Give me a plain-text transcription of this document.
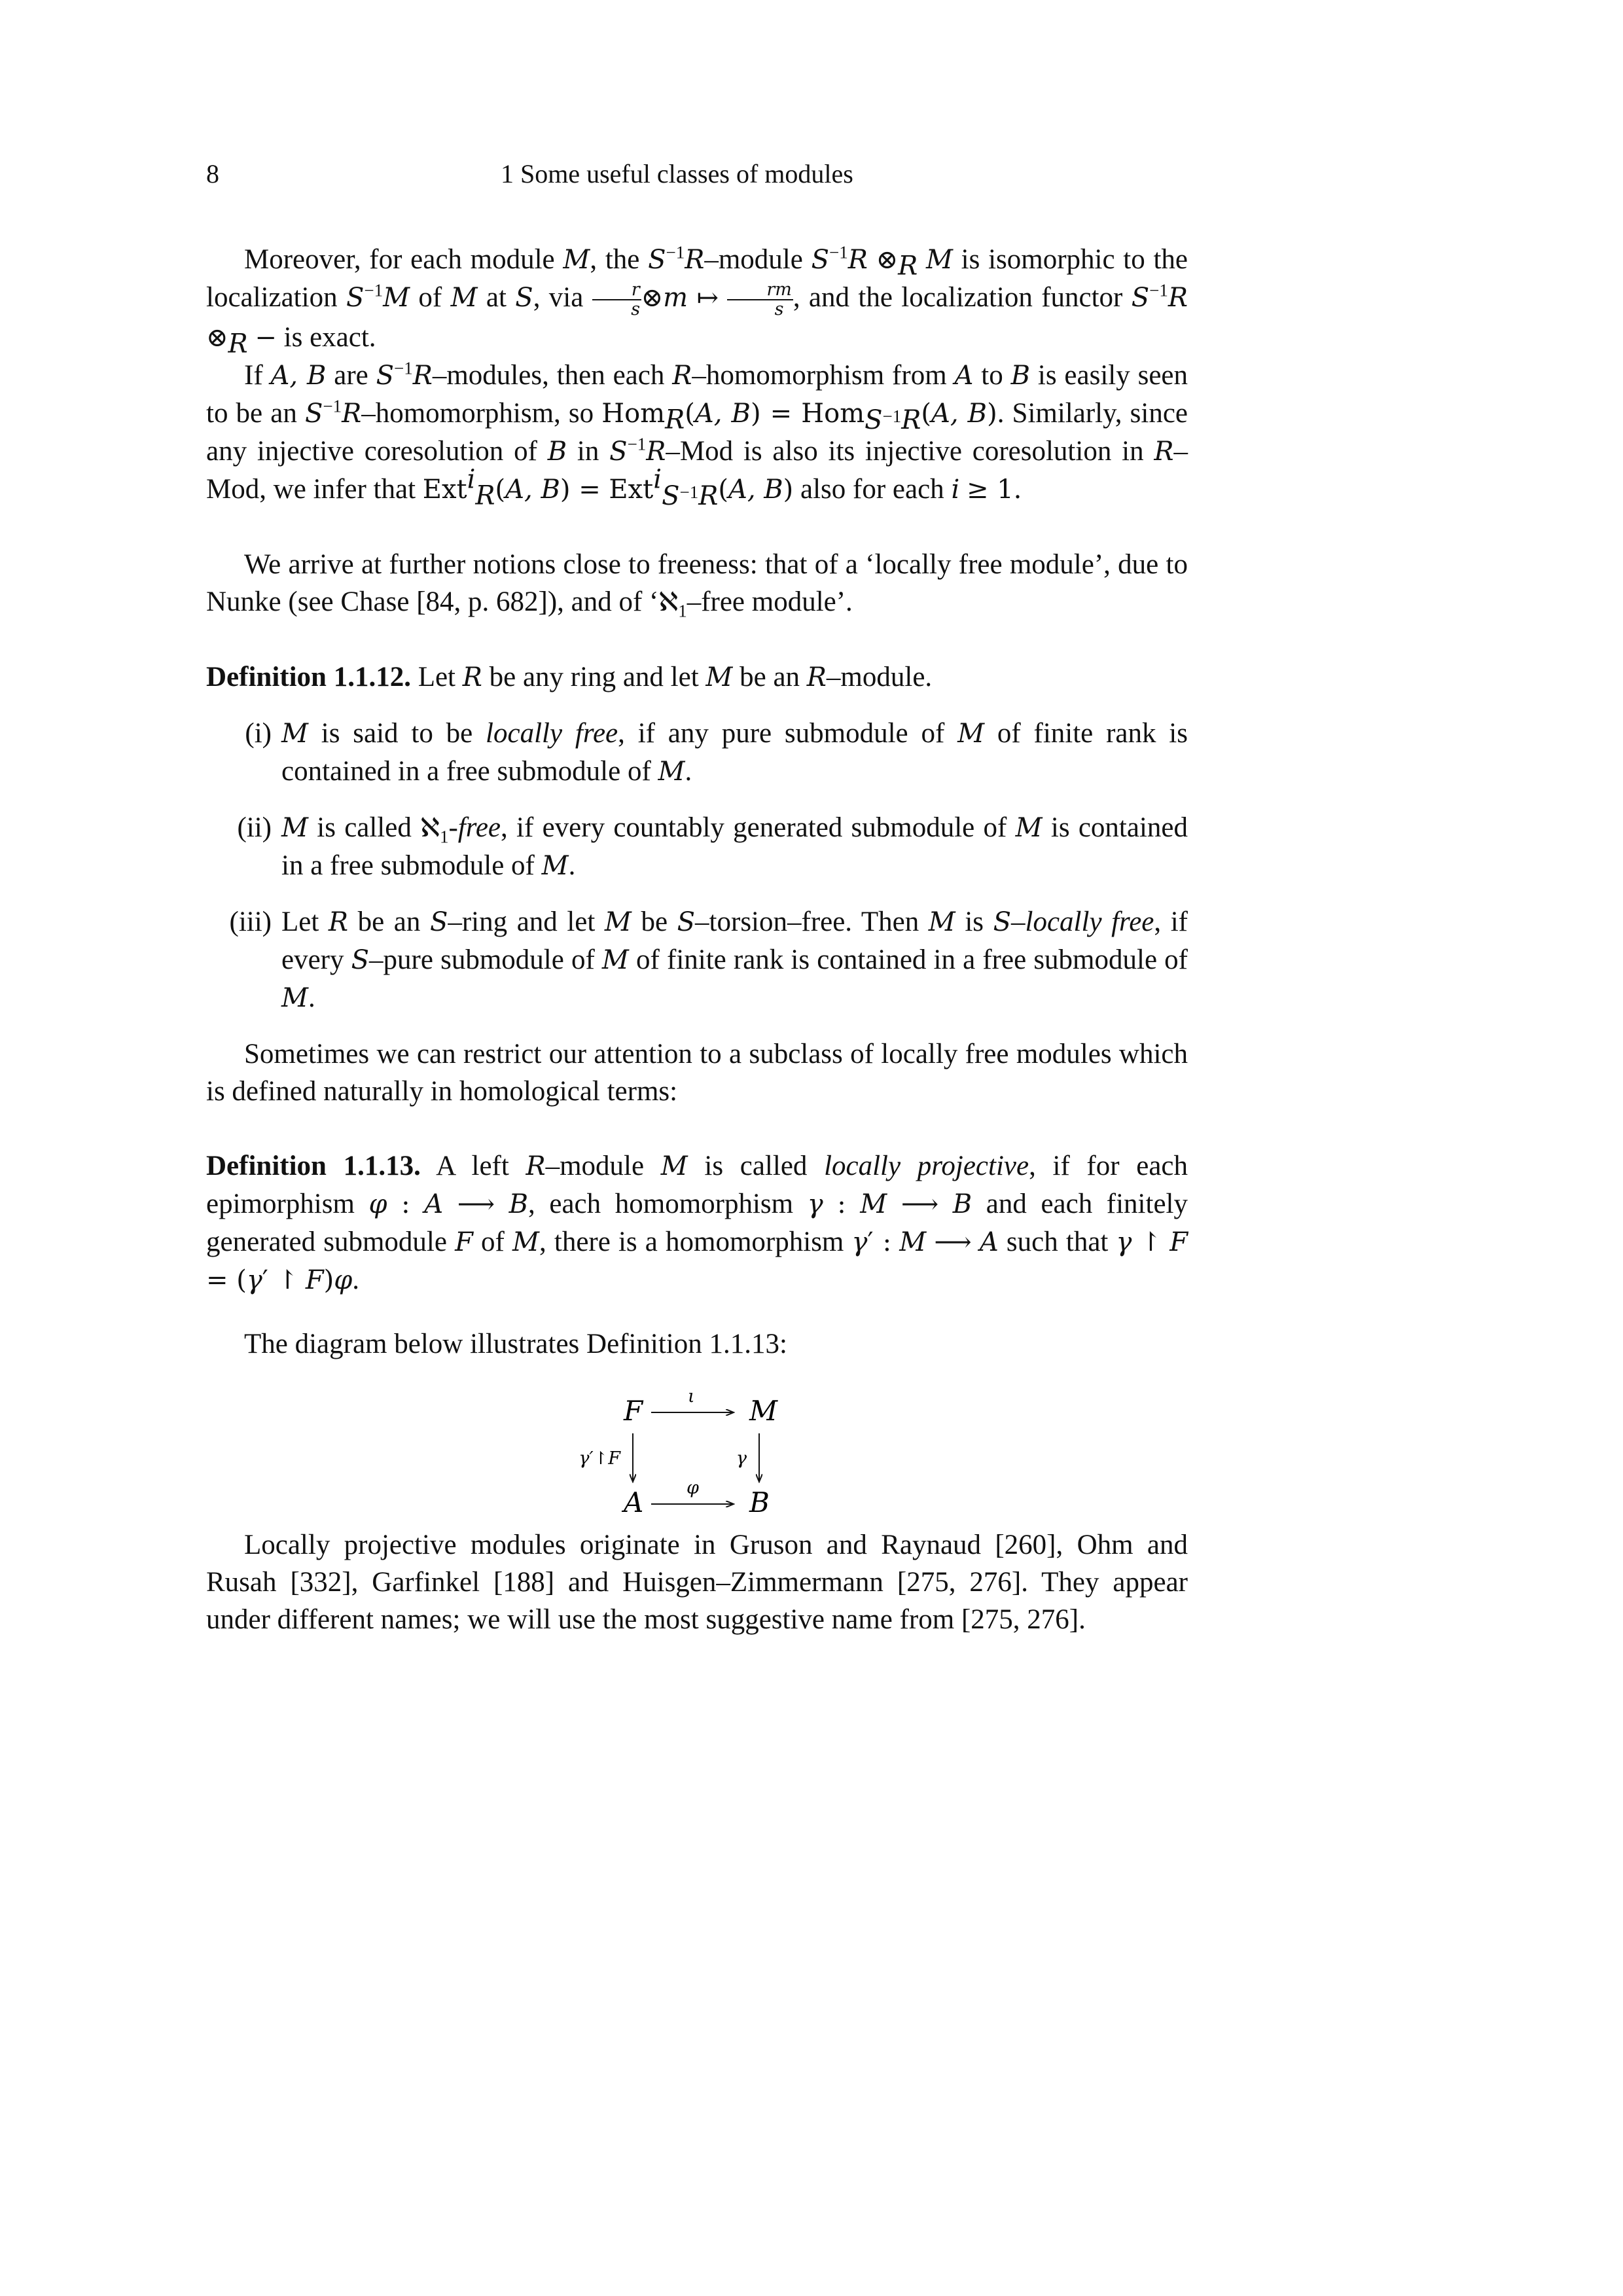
8	1 Some useful classes of modules

Moreover, for each module M, the $S^{-1}R$–module $S^{-1}R$ $\otimes_R$ M is isomorphic to the localization $S^{-1}M$ of M at S, via $\frac{r}{s}$ ⊗m ↦ $\frac{rm}{s}$ , and the localization functor $S^{-1}R$ $\otimes_R$ − is exact.

If A, B are $S^{-1}R$–modules, then each R–homomorphism from A to B is easily seen to be an $S^{-1}R$–homomorphism, so Hom$_R$(A, B) = Hom$_{S^{-1}R}$(A, B). Similarly, since any injective coresolution of B in $S^{-1}R$–Mod is also its injective coresolution in R–Mod, we infer that Ext$^i_R$(A, B) = Ext$^i_{S^{-1}R}$(A, B) also for each i ≥ 1.

We arrive at further notions close to freeness: that of a ‘locally free module’, due to Nunke (see Chase [84, p. 682]), and of ‘ℵ$_1$–free module’.

Definition 1.1.12. Let R be any ring and let M be an R–module.

(i) M is said to be locally free, if any pure submodule of M of finite rank is contained in a free submodule of M.
(ii) M is called ℵ$_1$-free, if every countably generated submodule of M is contained in a free submodule of M.
(iii) Let R be an S–ring and let M be S–torsion–free. Then M is S–locally free, if every S–pure submodule of M of finite rank is contained in a free submodule of M.

Sometimes we can restrict our attention to a subclass of locally free modules which is defined naturally in homological terms:

Definition 1.1.13. A left R–module M is called locally projective, if for each epimorphism φ : A ⟶ B, each homomorphism γ : M ⟶ B and each finitely generated submodule F of M, there is a homomorphism γ′ : M ⟶ A such that γ ↾ F = (γ′ ↾ F)φ.

The diagram below illustrates Definition 1.1.13:

F	M
A	B
ι
φ
γ′↾F	γ

Locally projective modules originate in Gruson and Raynaud [260], Ohm and Rusah [332], Garfinkel [188] and Huisgen–Zimmermann [275, 276]. They appear under different names; we will use the most suggestive name from [275, 276].
